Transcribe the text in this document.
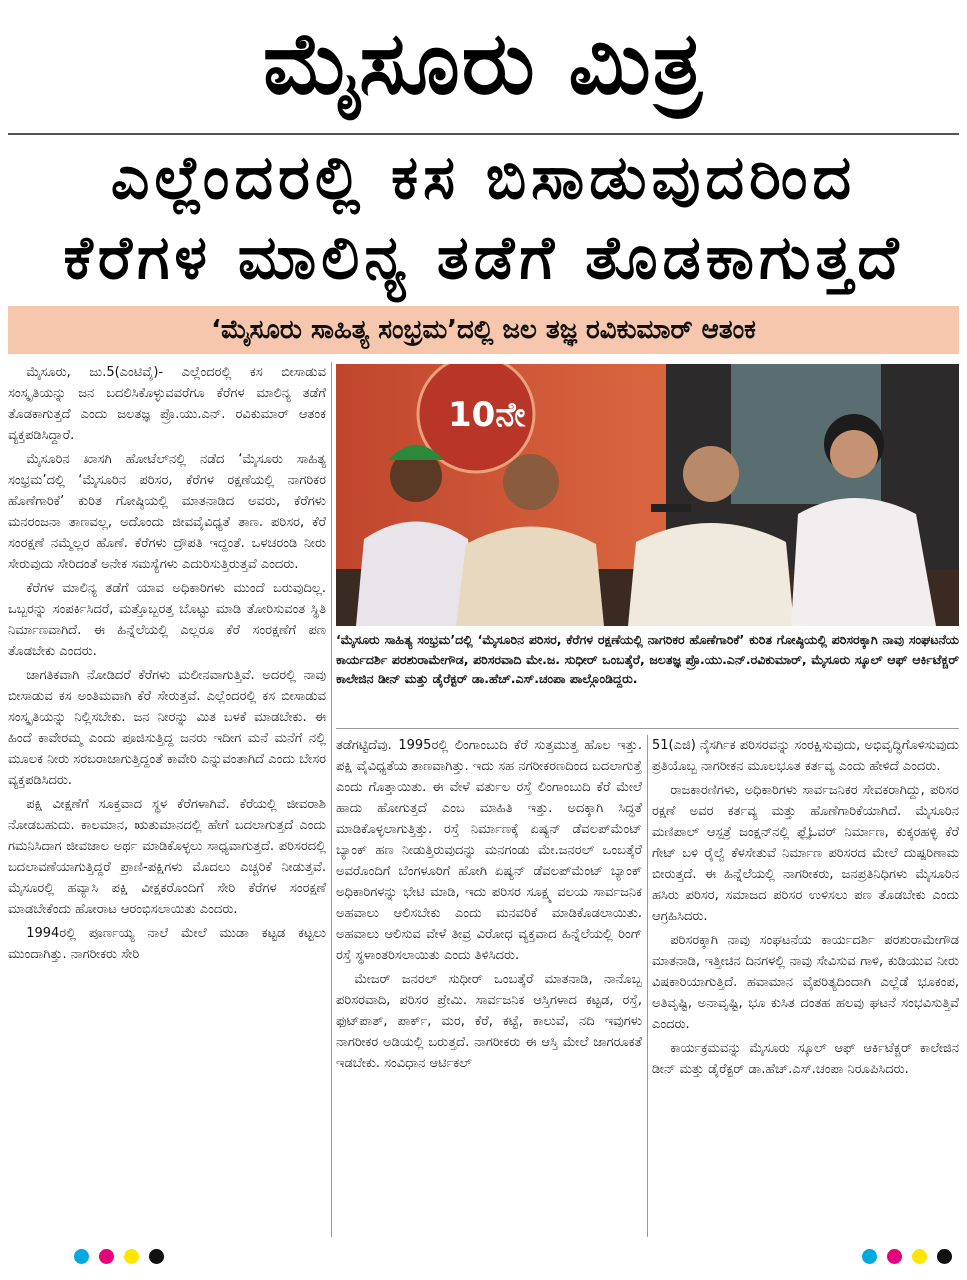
ಮೈಸೂರು ಮಿತ್ರ
ಎಲ್ಲೆಂದರಲ್ಲಿ ಕಸ ಬಿಸಾಡುವುದರಿಂದ
ಕೆರೆಗಳ ಮಾಲಿನ್ಯ ತಡೆಗೆ ತೊಡಕಾಗುತ್ತದೆ
‘ಮೈಸೂರು ಸಾಹಿತ್ಯ ಸಂಭ್ರಮ’ದಲ್ಲಿ ಜಲ ತಜ್ಞ ರವಿಕುಮಾರ್ ಆತಂಕ

ಮೈಸೂರು, ಜು.5(ಎಂಟಿವೈ)- ಎಲ್ಲೆಂದರಲ್ಲಿ ಕಸ ಬೀಸಾಡುವ ಸಂಸ್ಕೃತಿಯನ್ನು ಜನ ಬದಲಿಸಿಕೊಳ್ಳುವವರೆಗೂ ಕೆರೆಗಳ ಮಾಲಿನ್ಯ ತಡೆಗೆ ತೊಡಕಾಗುತ್ತದೆ ಎಂದು ಜಲತಜ್ಞ ಪ್ರೊ.ಯು.ಎನ್. ರವಿಕುಮಾರ್ ಆತಂಕ ವ್ಯಕ್ತಪಡಿಸಿದ್ದಾರೆ.

ಮೈಸೂರಿನ ಖಾಸಗಿ ಹೋಟೆಲ್‌ನಲ್ಲಿ ನಡೆದ ‘ಮೈಸೂರು ಸಾಹಿತ್ಯ ಸಂಭ್ರಮ’ದಲ್ಲಿ ‘ಮೈಸೂರಿನ ಪರಿಸರ, ಕೆರೆಗಳ ರಕ್ಷಣೆಯಲ್ಲಿ ನಾಗರಿಕರ ಹೊಣೆಗಾರಿಕೆ’ ಕುರಿತ ಗೋಷ್ಠಿಯಲ್ಲಿ ಮಾತನಾಡಿದ ಅವರು, ಕೆರೆಗಳು ಮನರಂಜನಾ ತಾಣವಲ್ಲ, ಅದೊಂದು ಜೀವವೈವಿಧ್ಯತೆ ತಾಣ. ಪರಿಸರ, ಕೆರೆ ಸಂರಕ್ಷಣೆ ನಮ್ಮೆಲ್ಲರ ಹೊಣೆ. ಕೆರೆಗಳು ದ್ರೌಪತಿ ಇದ್ದಂತೆ. ಒಳಚರಂಡಿ ನೀರು ಸೇರುವುದು ಸೇರಿದಂತೆ ಅನೇಕ ಸಮಸ್ಯೆಗಳು ಎದುರಿಸುತ್ತಿರುತ್ತವೆ ಎಂದರು.

ಕೆರೆಗಳ ಮಾಲಿನ್ಯ ತಡೆಗೆ ಯಾವ ಅಧಿಕಾರಿಗಳು ಮುಂದೆ ಬರುವುದಿಲ್ಲ. ಒಬ್ಬರನ್ನು ಸಂಪರ್ಕಿಸಿದರೆ, ಮತ್ತೊಬ್ಬರತ್ತ ಬೊಟ್ಟು ಮಾಡಿ ತೋರಿಸುವಂತ ಸ್ಥಿತಿ ನಿರ್ಮಾಣವಾಗಿದೆ. ಈ ಹಿನ್ನೆಲೆಯಲ್ಲಿ ಎಲ್ಲರೂ ಕೆರೆ ಸಂರಕ್ಷಣೆಗೆ ಪಣ ತೊಡಬೇಕು ಎಂದರು.

ಜಾಗತಿಕವಾಗಿ ನೋಡಿದರೆ ಕೆರೆಗಳು ಮಲೀನವಾಗುತ್ತಿವೆ. ಅದರಲ್ಲಿ ನಾವು ಬೀಸಾಡುವ ಕಸ ಅಂತಿಮವಾಗಿ ಕೆರೆ ಸೇರುತ್ತವೆ. ಎಲ್ಲೆಂದರಲ್ಲಿ ಕಸ ಬೀಸಾಡುವ ಸಂಸ್ಕೃತಿಯನ್ನು ನಿಲ್ಲಿಸಬೇಕು. ಜನ ನೀರನ್ನು ಮಿತ ಬಳಕೆ ಮಾಡಬೇಕು. ಈ ಹಿಂದೆ ಕಾವೇರಮ್ಮ ಎಂದು ಪೂಜಿಸುತ್ತಿದ್ದ ಜನರು ಇದೀಗ ಮನೆ ಮನೆಗೆ ನಲ್ಲಿ ಮೂಲಕ ನೀರು ಸರಬರಾಜಾಗುತ್ತಿದ್ದಂತೆ ಕಾವೇರಿ ಎನ್ನುವಂತಾಗಿದೆ ಎಂದು ಬೇಸರ ವ್ಯಕ್ತಪಡಿಸಿದರು.

ಪಕ್ಷಿ ವೀಕ್ಷಣೆಗೆ ಸೂಕ್ತವಾದ ಸ್ಥಳ ಕೆರೆಗಳಾಗಿವೆ. ಕೆರೆಯಲ್ಲಿ ಜೀವರಾಶಿ ನೋಡಬಹುದು. ಕಾಲಮಾನ, ಋತುಮಾನದಲ್ಲಿ ಹೇಗೆ ಬದಲಾಗುತ್ತದೆ ಎಂದು ಗಮನಿಸಿದಾಗ ಜೀವಜಾಲ ಅರ್ಥ ಮಾಡಿಕೊಳ್ಳಲು ಸಾಧ್ಯವಾಗುತ್ತದೆ. ಪರಿಸರದಲ್ಲಿ ಬದಲಾವಣೆಯಾಗುತ್ತಿದ್ದರೆ ಪ್ರಾಣಿ-ಪಕ್ಷಿಗಳು ಮೊದಲು ಎಚ್ಚರಿಕೆ ನೀಡುತ್ತವೆ. ಮೈಸೂರಲ್ಲಿ ಹವ್ಯಾಸಿ ಪಕ್ಷಿ ವೀಕ್ಷಕರೊಂದಿಗೆ ಸೇರಿ ಕೆರೆಗಳ ಸಂರಕ್ಷಣೆ ಮಾಡಬೇಕೆಂದು ಹೋರಾಟ ಆರಂಭಿಸಲಾಯಿತು ಎಂದರು.

1994ರಲ್ಲಿ ಪೂರ್ಣಯ್ಯ ನಾಲೆ ಮೇಲೆ ಮುಡಾ ಕಟ್ಟಡ ಕಟ್ಟಲು ಮುಂದಾಗಿತ್ತು. ನಾಗರೀಕರು ಸೇರಿ

10ನೇ
‘ಮೈಸೂರು ಸಾಹಿತ್ಯ ಸಂಭ್ರಮ’ದಲ್ಲಿ ‘ಮೈಸೂರಿನ ಪರಿಸರ, ಕೆರೆಗಳ ರಕ್ಷಣೆಯಲ್ಲಿ ನಾಗರಿಕರ ಹೊಣೆಗಾರಿಕೆ’ ಕುರಿತ ಗೋಷ್ಠಿಯಲ್ಲಿ ಪರಿಸರಕ್ಕಾಗಿ ನಾವು ಸಂಘಟನೆಯ ಕಾರ್ಯದರ್ಶಿ ಪರಶುರಾಮೇಗೌಡ, ಪರಿಸರವಾದಿ ಮೇ.ಜ. ಸುಧೀರ್ ಒಂಬತ್ಕೆರೆ, ಜಲತಜ್ಞ ಪ್ರೊ.ಯು.ಎನ್.ರವಿಕುಮಾರ್, ಮೈಸೂರು ಸ್ಕೂಲ್ ಆಫ್ ಆರ್ಕಿಟೆಕ್ಚರ್ ಕಾಲೇಜಿನ ಡೀನ್ ಮತ್ತು ಡೈರೆಕ್ಟರ್ ಡಾ.ಹೆಚ್.ಎಸ್.ಚಂಪಾ ಪಾಲ್ಗೊಂಡಿದ್ದರು.

ತಡೆಗಟ್ಟಿದೆವು. 1995ರಲ್ಲಿ ಲಿಂಗಾಂಬುದಿ ಕೆರೆ ಸುತ್ತಮುತ್ತ ಹೊಲ ಇತ್ತು. ಪಕ್ಷಿ ವೈವಿಧ್ಯತೆಯ ತಾಣವಾಗಿತ್ತು. ಇದು ಸಹ ನಗರೀಕರಣದಿಂದ ಬದಲಾಗುತ್ತೆ ಎಂದು ಗೊತ್ತಾಯಿತು. ಈ ವೇಳೆ ವರ್ತುಲ ರಸ್ತೆ ಲಿಂಗಾಂಬುದಿ ಕೆರೆ ಮೇಲೆ ಹಾದು ಹೋಗುತ್ತದೆ ಎಂಬ ಮಾಹಿತಿ ಇತ್ತು. ಅದಕ್ಕಾಗಿ ಸಿದ್ಧತೆ ಮಾಡಿಕೊಳ್ಳಲಾಗುತ್ತಿತ್ತು. ರಸ್ತೆ ನಿರ್ಮಾಣಕ್ಕೆ ಏಷ್ಯನ್ ಡೆವಲಪ್‌ಮೆಂಟ್ ಬ್ಯಾಂಕ್ ಹಣ ನೀಡುತ್ತಿರುವುದನ್ನು ಮನಗಂಡು ಮೇ.ಜನರಲ್ ಒಂಬತ್ಕೆರೆ ಅವರೊಂದಿಗೆ ಬೆಂಗಳೂರಿಗೆ ಹೋಗಿ ಏಷ್ಯನ್ ಡೆವಲಪ್‌ಮೆಂಟ್ ಬ್ಯಾಂಕ್ ಅಧಿಕಾರಿಗಳನ್ನು ಭೇಟಿ ಮಾಡಿ, ಇದು ಪರಿಸರ ಸೂಕ್ಷ್ಮ ವಲಯ ಸಾರ್ವಜನಿಕ ಅಹವಾಲು ಆಲಿಸಬೇಕು ಎಂದು ಮನವರಿಕೆ ಮಾಡಿಕೊಡಲಾಯಿತು. ಅಹವಾಲು ಆಲಿಸುವ ವೇಳೆ ತೀವ್ರ ವಿರೋಧ ವ್ಯಕ್ತವಾದ ಹಿನ್ನೆಲೆಯಲ್ಲಿ ರಿಂಗ್ ರಸ್ತೆ ಸ್ಥಳಾಂತರಿಸಲಾಯಿತು ಎಂದು ತಿಳಿಸಿದರು.

ಮೇಜರ್ ಜನರಲ್ ಸುಧೀರ್ ಒಂಬತ್ಕೆರೆ ಮಾತನಾಡಿ, ನಾನೊಬ್ಬ ಪರಿಸರವಾದಿ, ಪರಿಸರ ಪ್ರೇಮಿ. ಸಾರ್ವಜನಿಕ ಆಸ್ತಿಗಳಾದ ಕಟ್ಟಡ, ರಸ್ತೆ, ಫುಟ್‌ಪಾತ್, ಪಾರ್ಕ್, ಮರ, ಕೆರೆ, ಕಟ್ಟೆ, ಕಾಲುವೆ, ನದಿ ಇವುಗಳು ನಾಗರೀಕರ ಅಡಿಯಲ್ಲಿ ಬರುತ್ತದೆ. ನಾಗರೀಕರು ಈ ಆಸ್ತಿ ಮೇಲೆ ಜಾಗರೂಕತೆ ಇಡಬೇಕು. ಸಂವಿಧಾನ ಆರ್ಟಿಕಲ್

51(ಎಜಿ) ನೈಸರ್ಗಿಕ ಪರಿಸರವನ್ನು ಸಂರಕ್ಷಿಸುವುದು, ಅಭಿವೃದ್ಧಿಗೊಳಿಸುವುದು ಪ್ರತಿಯೊಬ್ಬ ನಾಗರೀಕನ ಮೂಲಭೂತ ಕರ್ತವ್ಯ ಎಂದು ಹೇಳಿದೆ ಎಂದರು.

ರಾಜಕಾರಣಿಗಳು, ಅಧಿಕಾರಿಗಳು ಸಾರ್ವಜನಿಕರ ಸೇವಕರಾಗಿದ್ದು, ಪರಿಸರ ರಕ್ಷಣೆ ಅವರ ಕರ್ತವ್ಯ ಮತ್ತು ಹೊಣೆಗಾರಿಕೆಯಾಗಿದೆ. ಮೈಸೂರಿನ ಮಣಿಪಾಲ್ ಆಸ್ಪತ್ರೆ ಜಂಕ್ಷನ್‌ನಲ್ಲಿ ಫ್ಲೈಓವರ್ ನಿರ್ಮಾಣ, ಕುಕ್ಕರಹಳ್ಳಿ ಕೆರೆ ಗೇಟ್ ಬಳಿ ರೈಲ್ವೆ ಕೆಳಸೇತುವೆ ನಿರ್ಮಾಣ ಪರಿಸರದ ಮೇಲೆ ದುಷ್ಪರಿಣಾಮ ಬೀರುತ್ತದೆ. ಈ ಹಿನ್ನೆಲೆಯಲ್ಲಿ ನಾಗರೀಕರು, ಜನಪ್ರತಿನಿಧಿಗಳು ಮೈಸೂರಿನ ಹಸಿರು ಪರಿಸರ, ಸಮಾಜದ ಪರಿಸರ ಉಳಿಸಲು ಪಣ ತೊಡಬೇಕು ಎಂದು ಆಗ್ರಹಿಸಿದರು.

ಪರಿಸರಕ್ಕಾಗಿ ನಾವು ಸಂಘಟನೆಯ ಕಾರ್ಯದರ್ಶಿ ಪರಶುರಾಮೇಗೌಡ ಮಾತನಾಡಿ, ಇತ್ತೀಚಿನ ದಿನಗಳಲ್ಲಿ ನಾವು ಸೇವಿಸುವ ಗಾಳಿ, ಕುಡಿಯುವ ನೀರು ವಿಷಕಾರಿಯಾಗುತ್ತಿದೆ. ಹವಾಮಾನ ವೈಪರಿತ್ಯದಿಂದಾಗಿ ಎಲ್ಲೆಡೆ ಭೂಕಂಪ, ಅತಿವೃಷ್ಟಿ, ಅನಾವೃಷ್ಟಿ, ಭೂ ಕುಸಿತ ದಂತಹ ಹಲವು ಘಟನೆ ಸಂಭವಿಸುತ್ತಿವೆ ಎಂದರು.

ಕಾರ್ಯಕ್ರಮವನ್ನು ಮೈಸೂರು ಸ್ಕೂಲ್ ಆಫ್ ಆರ್ಕಿಟೆಕ್ಚರ್ ಕಾಲೇಜಿನ ಡೀನ್ ಮತ್ತು ಡೈರೆಕ್ಟರ್ ಡಾ.ಹೆಚ್.ಎಸ್.ಚಂಪಾ ನಿರೂಪಿಸಿದರು.
